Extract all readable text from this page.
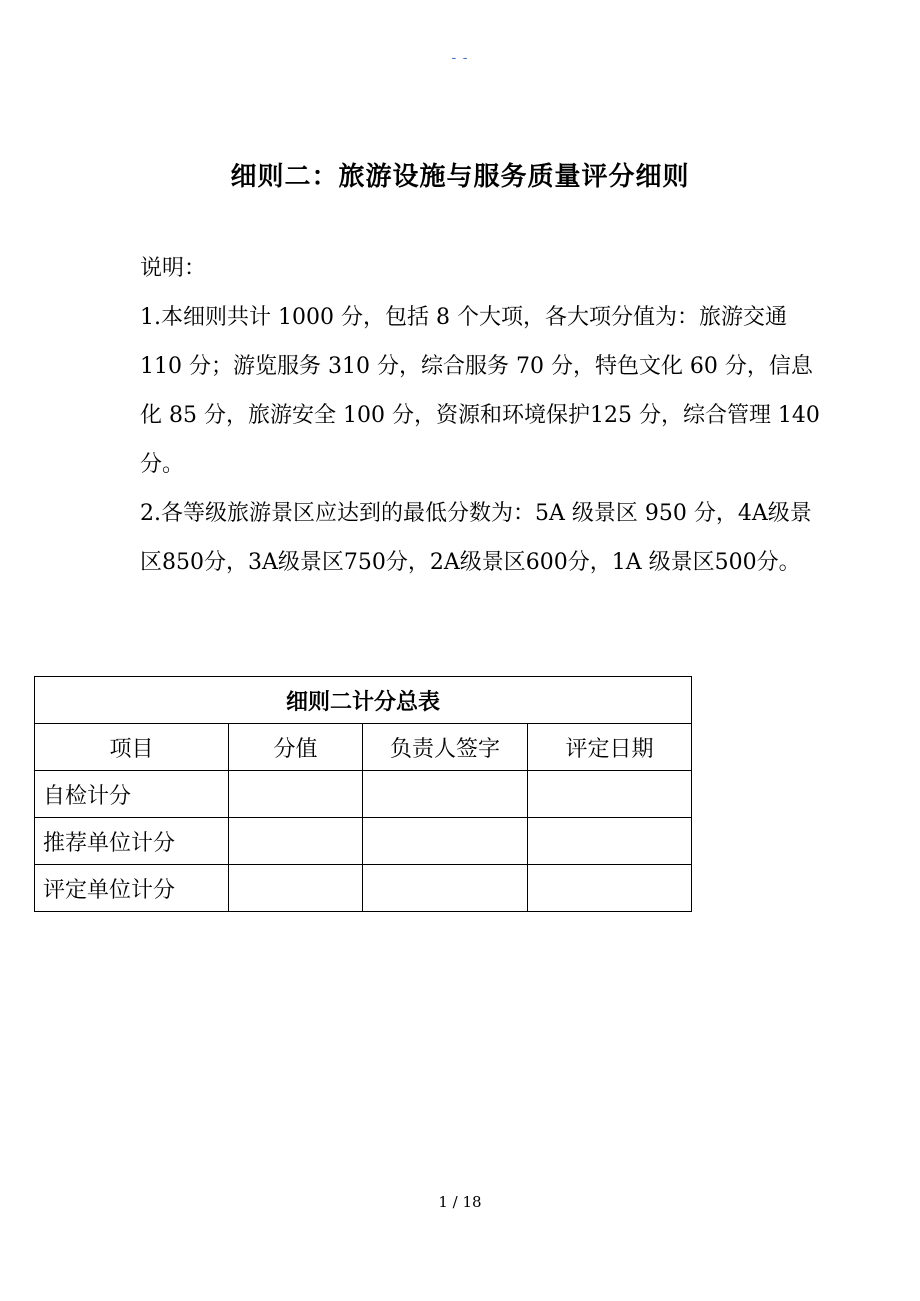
- -
细则二：旅游设施与服务质量评分细则

说明：

1.本细则共计 1000 分，包括 8 个大项，各大项分值为：旅游交通 110 分；游览服务 310 分，综合服务 70 分，特色文化 60 分，信息化 85 分，旅游安全 100 分，资源和环境保护125 分，综合管理 140 分。

2.各等级旅游景区应达到的最低分数为：5A 级景区 950 分，4A级景区850分，3A级景区750分，2A级景区600分，1A 级景区500分。

细则二计分总表			
项目	分值	负责人签字	评定日期
自检计分			
推荐单位计分			
评定单位计分			
1 / 18
